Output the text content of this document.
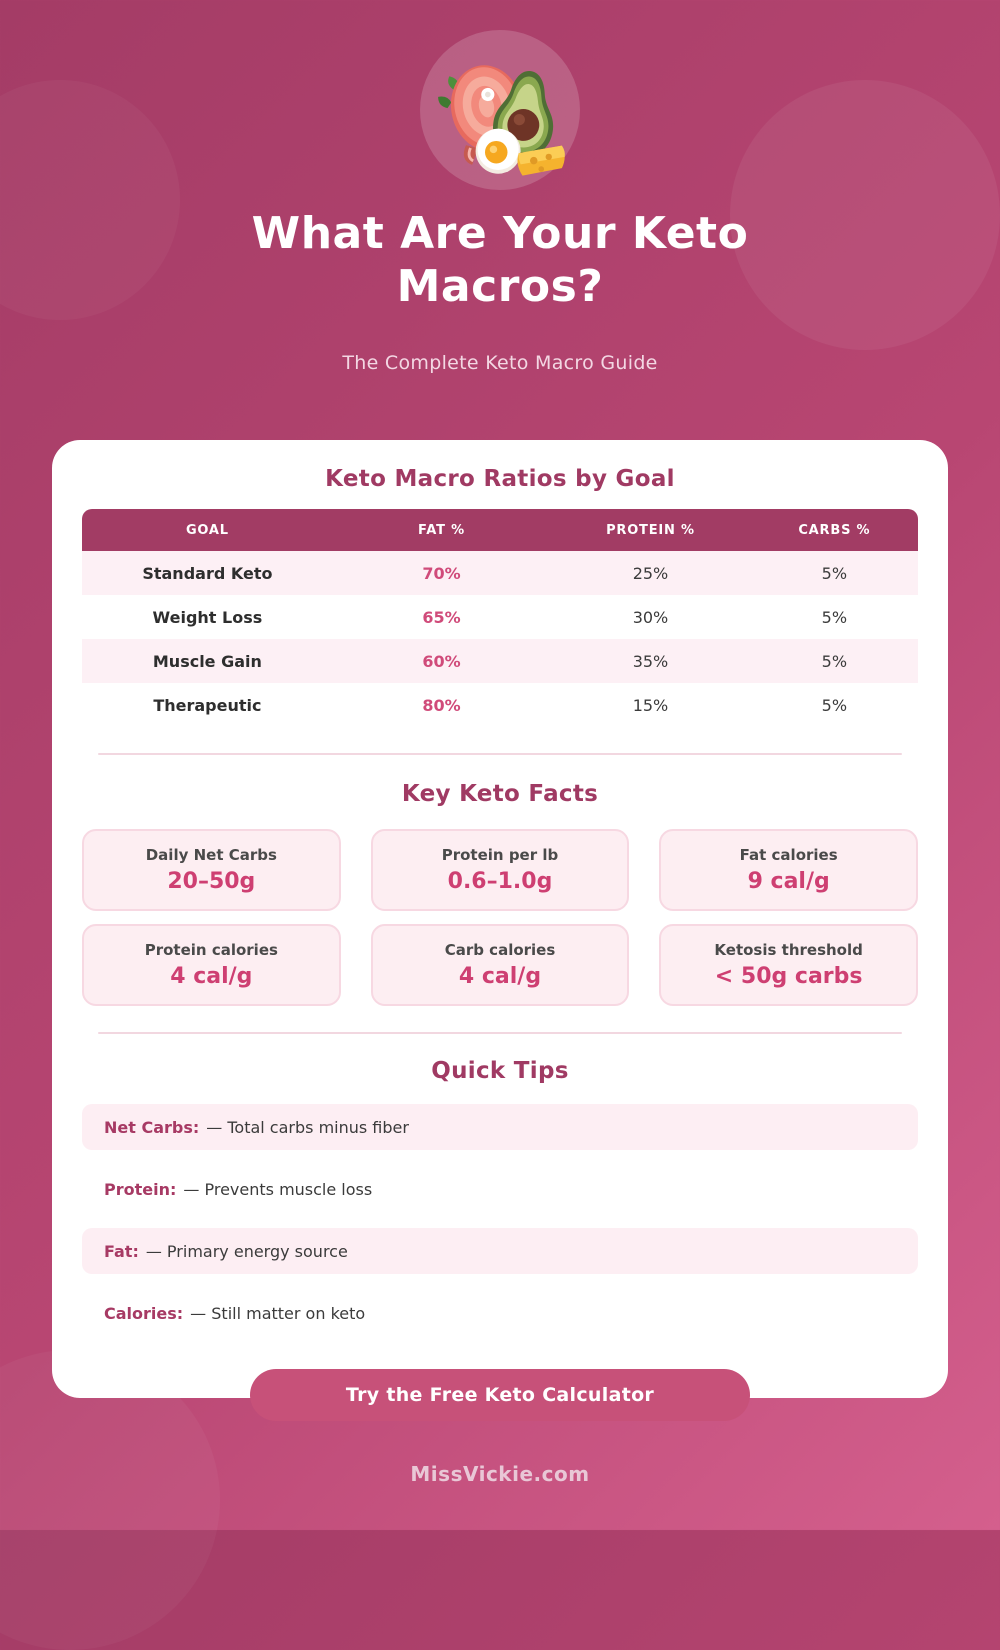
What Are Your Keto
Macros?
The Complete Keto Macro Guide
Keto Macro Ratios by Goal
GOAL	FAT %	PROTEIN %	CARBS %
Standard Keto	70%	25%	5%
Weight Loss	65%	30%	5%
Muscle Gain	60%	35%	5%
Therapeutic	80%	15%	5%
Key Keto Facts
Daily Net Carbs
20–50g
Protein per lb
0.6–1.0g
Fat calories
9 cal/g
Protein calories
4 cal/g
Carb calories
4 cal/g
Ketosis threshold
< 50g carbs
Quick Tips
Net Carbs: — Total carbs minus fiber
Protein: — Prevents muscle loss
Fat: — Primary energy source
Calories: — Still matter on keto
Try the Free Keto Calculator
MissVickie.com
